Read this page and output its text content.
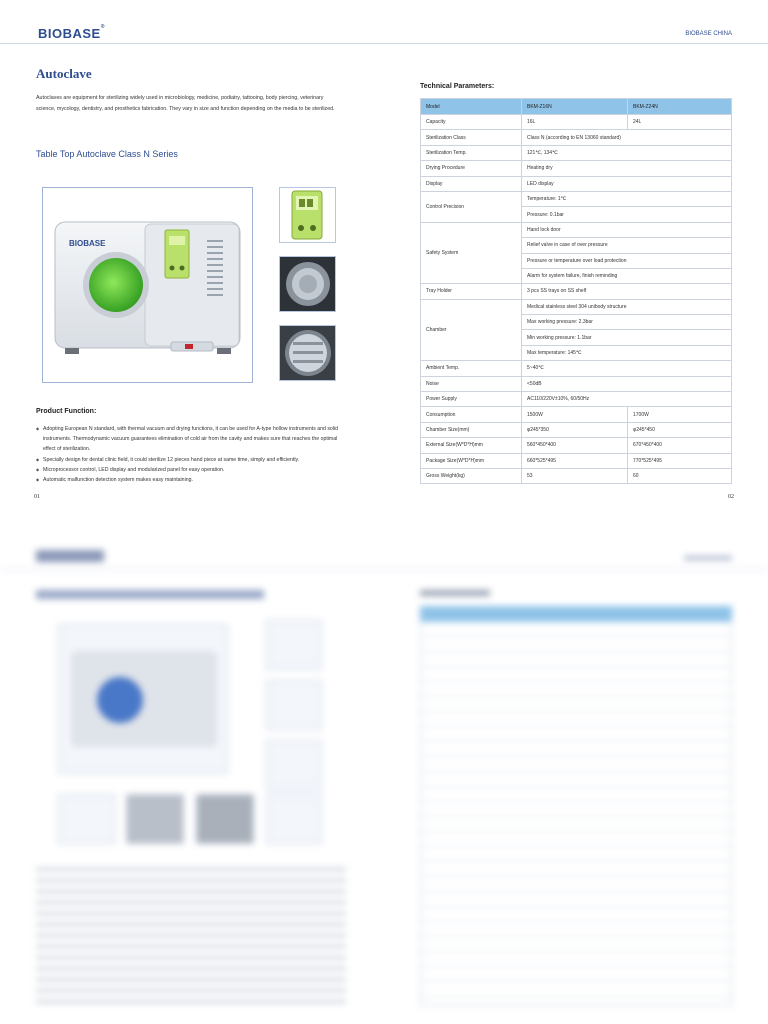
BIOBASE®
BIOBASE CHINA
Autoclave
Autoclaves are equipment for sterilizing widely used in microbiology, medicine, podiatry, tattooing, body piercing, veterinary science, mycology, dentistry, and prosthetics fabrication. They vary in size and function depending on the media to be sterilized.
Table Top Autoclave Class N Series
BIOBASE
Product Function:
◆ Adopting European N standard, with thermal vacuum and drying functions, it can be used for A-type hollow instruments and solid instruments. Thermodynamic vacuum guarantees elimination of cold air from the cavity and makes sure that reaches the optimal effect of sterilization.
◆ Specially design for dental clinic field, it could sterilize 12 pieces hand piece at same time, simply and efficiently.
◆ Microprocessor control, LED display and modularized panel for easy operation.
◆ Automatic malfunction detection system makes easy maintaining.
01	02
Technical Parameters:
Model	BKM-Z16N	BKM-Z24N
Capacity	16L	24L
Sterilization Class	Class N (according to EN 13060 standard)	
Sterilization Temp.	121℃, 134℃	
Drying Procedure	Heating dry	
Display	LED display	
Control Precision	Temperature: 1℃	
	Pressure: 0.1bar	
Safety System	Hand lock door	
	Relief valve in case of over pressure	
	Pressure or temperature over load protection	
	Alarm for system failure, finish reminding	
Tray Holder	3 pcs SS trays on SS shelf	
Chamber	Medical stainless steel 304 unibody structure	
	Max working pressure: 2.3bar	
	Min working pressure: 1.1bar	
	Max temperature: 145℃	
Ambient Temp.	5~40℃	
Noise	<50dB	
Power Supply	AC110/220V±10%, 60/50Hz	
Consumption	1500W	1700W
Chamber Size(mm)	φ245*350	φ245*450
External Size(W*D*H)mm	560*450*400	670*450*400
Package Size(W*D*H)mm	660*525*495	770*525*495
Gross Weight(kg)	53	60
